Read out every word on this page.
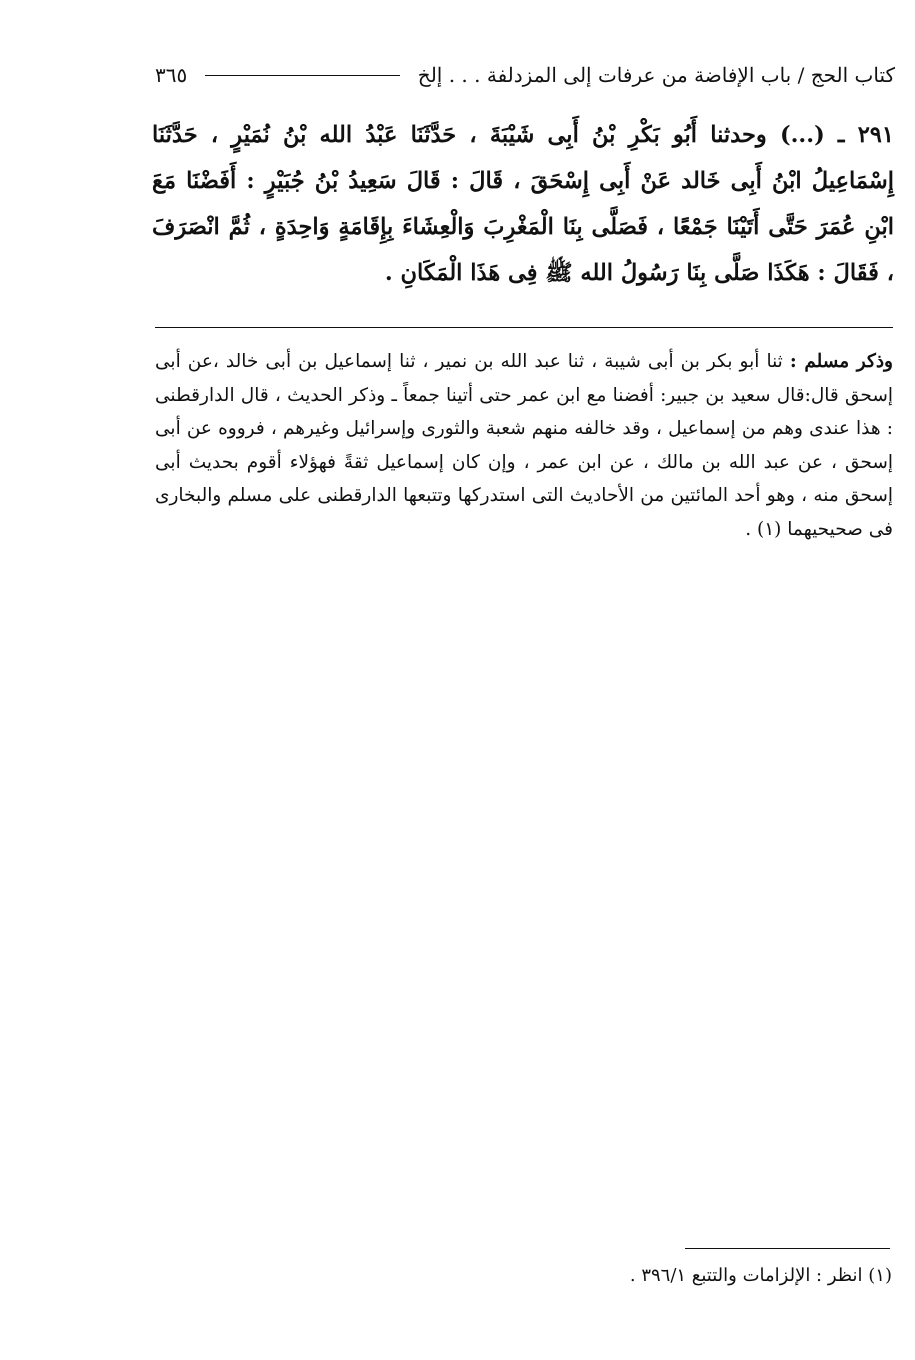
كتاب الحج / باب الإفاضة من عرفات إلى المزدلفة . . . إلخ
٣٦٥
٢٩١ ـ (...) وحدثنا أَبُو بَكْرِ بْنُ أَبِى شَيْبَةَ ، حَدَّثَنَا عَبْدُ الله بْنُ نُمَيْرٍ ، حَدَّثَنَا إِسْمَاعِيلُ ابْنُ أَبِى خَالد عَنْ أَبِى إِسْحَقَ ، قَالَ : قَالَ سَعِيدُ بْنُ جُبَيْرٍ : أَفَضْنَا مَعَ ابْنِ عُمَرَ حَتَّى أَتَيْنَا جَمْعًا ، فَصَلَّى بِنَا الْمَغْرِبَ وَالْعِشَاءَ بِإِقَامَةٍ وَاحِدَةٍ ، ثُمَّ انْصَرَفَ ، فَقَالَ : هَكَذَا صَلَّى بِنَا رَسُولُ الله ﷺ فِى هَذَا الْمَكَانِ .
وذكر مسلم : ثنا أبو بكر بن أبى شيبة ، ثنا عبد الله بن نمير ، ثنا إسماعيل بن أبى خالد ،عن أبى إسحق قال:قال سعيد بن جبير: أفضنا مع ابن عمر حتى أتينا جمعاً ـ وذكر الحديث ، قال الدارقطنى : هذا عندى وهم من إسماعيل ، وقد خالفه منهم شعبة والثورى وإسرائيل وغيرهم ، فرووه عن أبى إسحق ، عن عبد الله بن مالك ، عن ابن عمر ، وإن كان إسماعيل ثقةً فهؤلاء أقوم بحديث أبى إسحق منه ، وهو أحد المائتين من الأحاديث التى استدركها وتتبعها الدارقطنى على مسلم والبخارى فى صحيحيهما (١) .
(١) انظر : الإلزامات والتتبع ٣٩٦/١ .
